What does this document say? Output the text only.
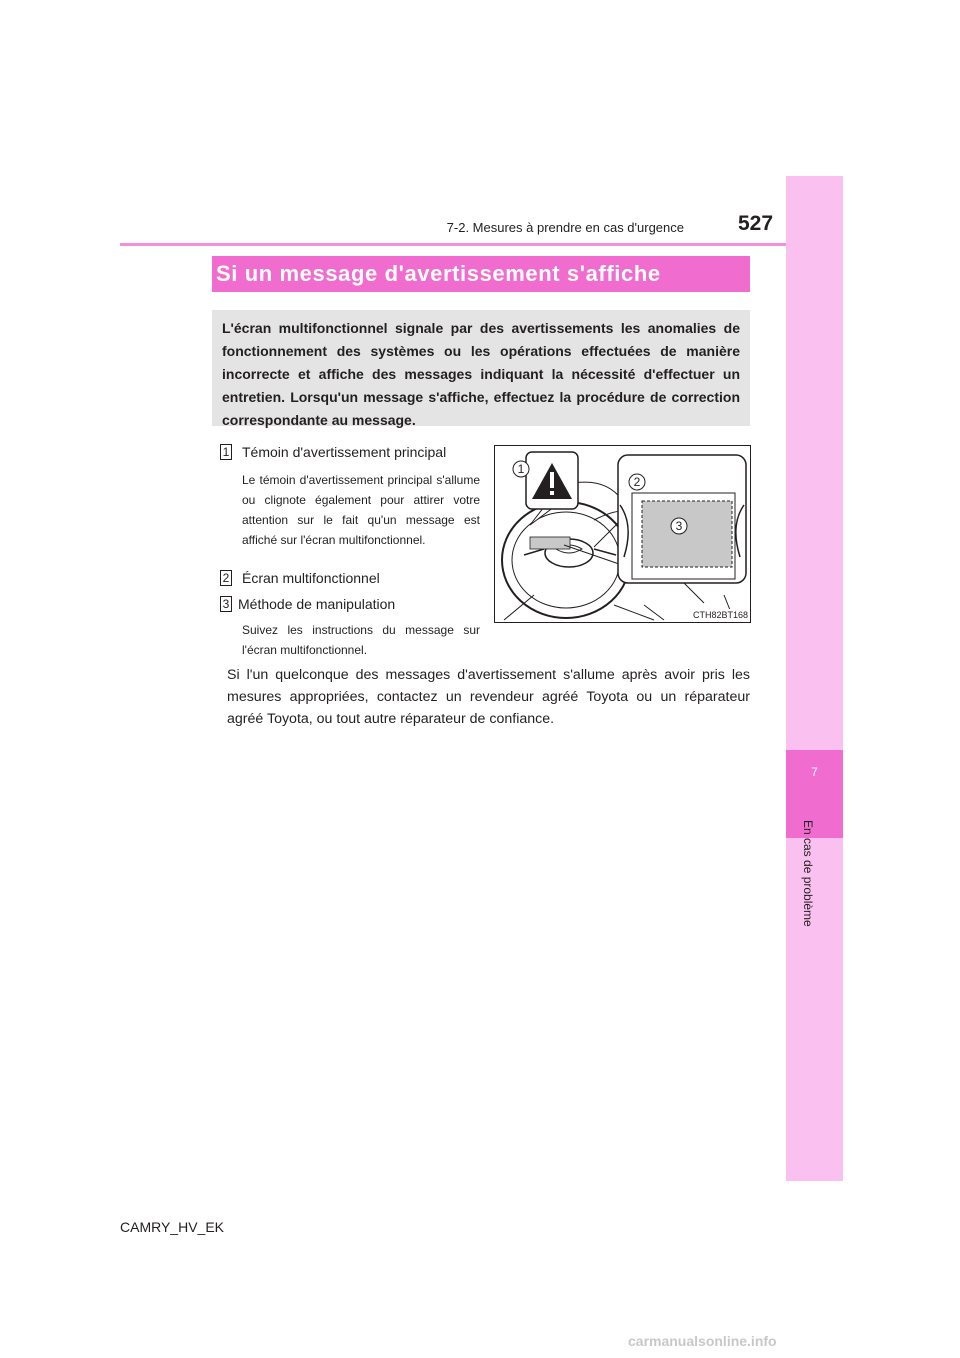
7
En cas de problème
7-2. Mesures à prendre en cas d'urgence	527
Si un message d'avertissement s'affiche
L'écran multifonctionnel signale par des avertissements les anomalies de fonctionnement des systèmes ou les opérations effectuées de manière incorrecte et affiche des messages indiquant la nécessité d'effectuer un entretien. Lorsqu'un message s'affiche, effectuez la procédure de correction correspondante au message.
1 Témoin d'avertissement principal
Le témoin d'avertissement principal s'allume ou clignote également pour attirer votre attention sur le fait qu'un message est affiché sur l'écran multifonctionnel.
2 Écran multifonctionnel
3 Méthode de manipulation
Suivez les instructions du message sur l'écran multifonctionnel.
1
2
3
CTH82BT168
Si l'un quelconque des messages d'avertissement s'allume après avoir pris les mesures appropriées, contactez un revendeur agréé Toyota ou un réparateur agréé Toyota, ou tout autre réparateur de confiance.
CAMRY_HV_EK
carmanualsonline.info
